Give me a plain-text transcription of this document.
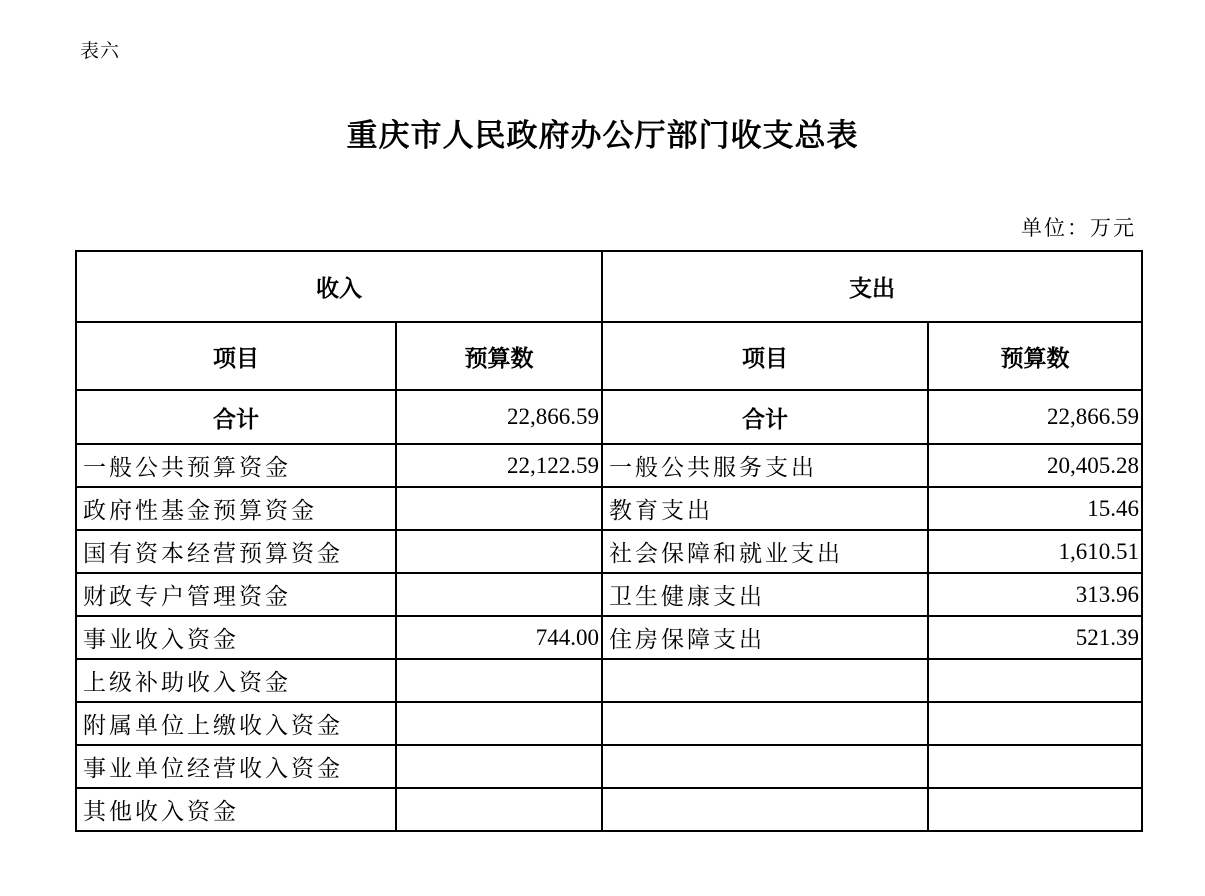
表六
重庆市人民政府办公厅部门收支总表
单位：万元
收入		支出	
项目	预算数	项目	预算数
合计	22,866.59	合计	22,866.59
一般公共预算资金	22,122.59	一般公共服务支出	20,405.28
政府性基金预算资金		教育支出	15.46
国有资本经营预算资金		社会保障和就业支出	1,610.51
财政专户管理资金		卫生健康支出	313.96
事业收入资金	744.00	住房保障支出	521.39
上级补助收入资金			
附属单位上缴收入资金			
事业单位经营收入资金			
其他收入资金			
